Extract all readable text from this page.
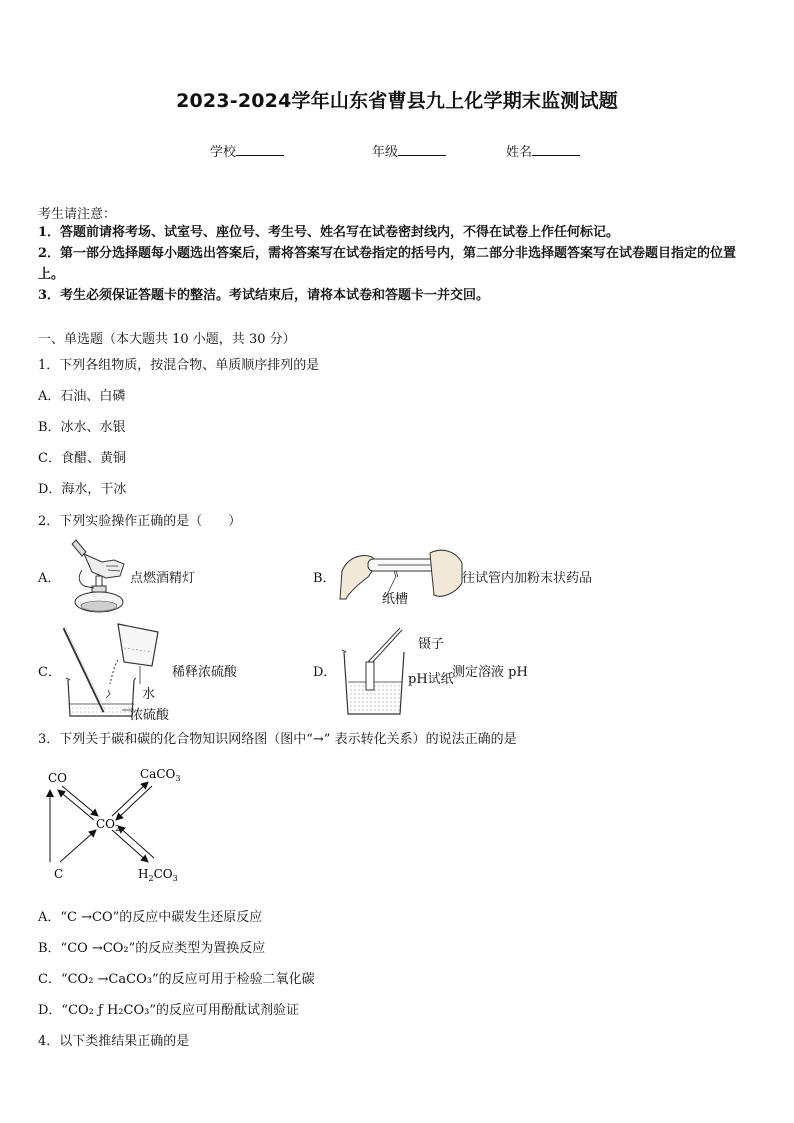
2023-2024学年山东省曹县九上化学期末监测试题
学校	年级	姓名
考生请注意：
1．答题前请将考场、试室号、座位号、考生号、姓名写在试卷密封线内，不得在试卷上作任何标记。
2．第一部分选择题每小题选出答案后，需将答案写在试卷指定的括号内，第二部分非选择题答案写在试卷题目指定的位置上。
3．考生必须保证答题卡的整洁。考试结束后，请将本试卷和答题卡一并交回。
一、单选题（本大题共 10 小题，共 30 分）
1．下列各组物质，按混合物、单质顺序排列的是
A．石油、白磷
B．冰水、水银
C．食醋、黄铜
D．海水，干冰
2．下列实验操作正确的是（　　）
A．	点燃酒精灯	B．
纸槽
往试管内加粉末状药品
C．	稀释浓硫酸
水
浓硫酸
D．
镊子
pH试纸
测定溶液 pH
3．下列关于碳和碳的化合物知识网络图（图中“→” 表示转化关系）的说法正确的是
CO	CaCO$_3$
$CO_2$
C	$H_2CO_3$
A．“C →CO”的反应中碳发生还原反应
B．“CO →CO₂”的反应类型为置换反应
C．“CO₂ →CaCO₃”的反应可用于检验二氧化碳
D．“CO₂ ƒ H₂CO₃”的反应可用酚酞试剂验证
4．以下类推结果正确的是
